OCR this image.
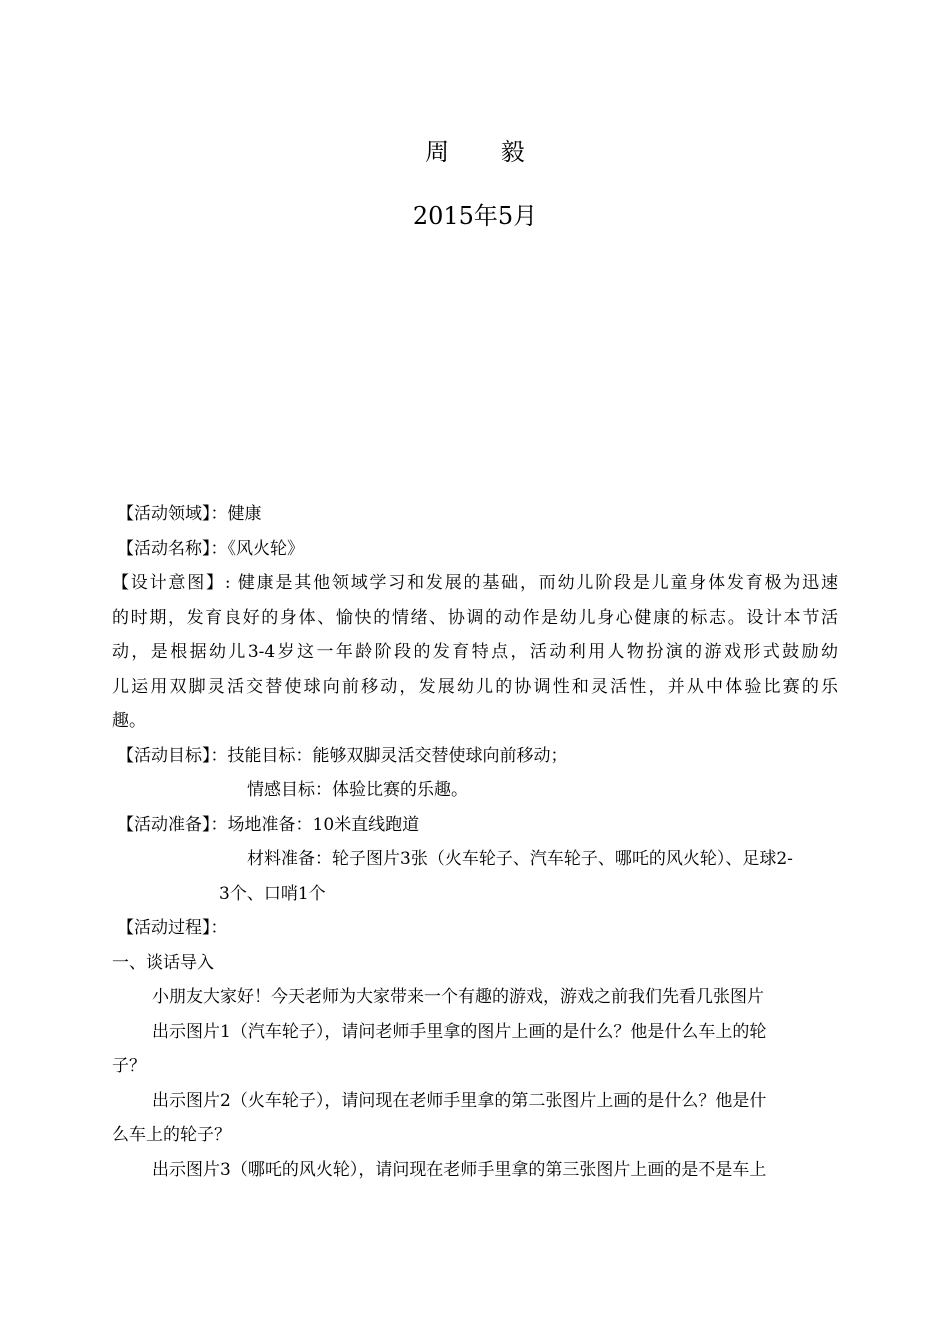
周 毅
2015年5月
【活动领域】：健康
【活动名称】：《风火轮》
【设计意图】: 健康是其他领域学习和发展的基础，而幼儿阶段是儿童身体发育极为迅速
的时期，发育良好的身体、愉快的情绪、协调的动作是幼儿身心健康的标志。设计本节活
动，是根据幼儿3-4岁这一年龄阶段的发育特点，活动利用人物扮演的游戏形式鼓励幼
儿运用双脚灵活交替使球向前移动，发展幼儿的协调性和灵活性，并从中体验比赛的乐
趣。
【活动目标】：技能目标：能够双脚灵活交替使球向前移动；
情感目标：体验比赛的乐趣。
【活动准备】：场地准备：10米直线跑道
材料准备：轮子图片3张（火车轮子、汽车轮子、哪吒的风火轮）、足球2-
3个、口哨1个
【活动过程】：
一、谈话导入
小朋友大家好！今天老师为大家带来一个有趣的游戏，游戏之前我们先看几张图片
出示图片1（汽车轮子），请问老师手里拿的图片上画的是什么？他是什么车上的轮
子？
出示图片2（火车轮子），请问现在老师手里拿的第二张图片上画的是什么？他是什
么车上的轮子？
出示图片3（哪吒的风火轮），请问现在老师手里拿的第三张图片上画的是不是车上
